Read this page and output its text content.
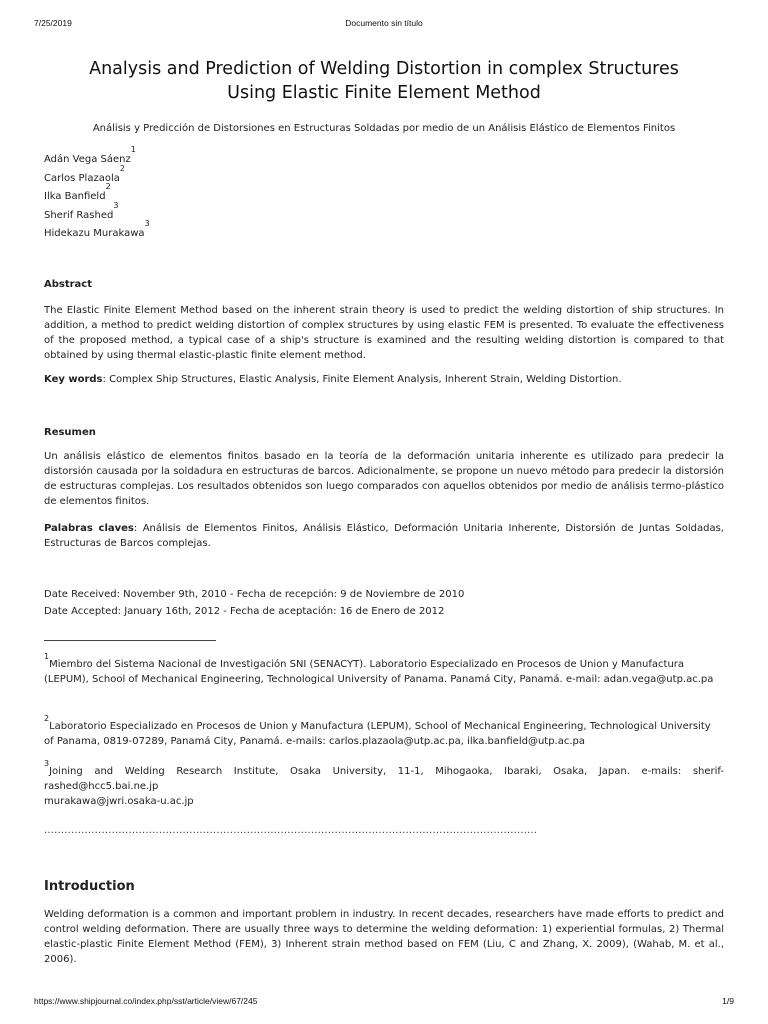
7/25/2019	Documento sin título
Analysis and Prediction of Welding Distortion in complex Structures
Using Elastic Finite Element Method
Análisis y Predicción de Distorsiones en Estructuras Soldadas por medio de un Análisis Elástico de Elementos Finitos
Adán Vega Sáenz$^1$
Carlos Plazaola$^2$
Ilka Banfield$^2$
Sherif Rashed$^3$
Hidekazu Murakawa$^3$
Abstract
The Elastic Finite Element Method based on the inherent strain theory is used to predict the welding distortion of ship structures. In addition, a method to predict welding distortion of complex structures by using elastic FEM is presented. To evaluate the effectiveness of the proposed method, a typical case of a ship's structure is examined and the resulting welding distortion is compared to that obtained by using thermal elastic-plastic finite element method.
Key words: Complex Ship Structures, Elastic Analysis, Finite Element Analysis, Inherent Strain, Welding Distortion.
Resumen
Un análisis elástico de elementos finitos basado en la teoría de la deformación unitaria inherente es utilizado para predecir la distorsión causada por la soldadura en estructuras de barcos. Adicionalmente, se propone un nuevo método para predecir la distorsión de estructuras complejas. Los resultados obtenidos son luego comparados con aquellos obtenidos por medio de análisis termo-plástico de elementos finitos.
Palabras claves: Análisis de Elementos Finitos, Análisis Elástico, Deformación Unitaria Inherente, Distorsión de Juntas Soldadas, Estructuras de Barcos complejas.
Date Received: November 9th, 2010 - Fecha de recepción: 9 de Noviembre de 2010
Date Accepted: January 16th, 2012 - Fecha de aceptación: 16 de Enero de 2012
$^1$Miembro del Sistema Nacional de Investigación SNI (SENACYT). Laboratorio Especializado en Procesos de Union y Manufactura
(LEPUM), School of Mechanical Engineering, Technological University of Panama. Panamá City, Panamá. e-mail: adan.vega@utp.ac.pa
$^2$Laboratorio Especializado en Procesos de Union y Manufactura (LEPUM), School of Mechanical Engineering, Technological University
of Panama, 0819-07289, Panamá City, Panamá. e-mails: carlos.plazaola@utp.ac.pa, ilka.banfield@utp.ac.pa
$^3$Joining and Welding Research Institute, Osaka University, 11-1, Mihogaoka, Ibaraki, Osaka, Japan. e-mails: sherif-rashed@hcc5.bai.ne.jp
murakawa@jwri.osaka-u.ac.jp
..................................................................................................................................................
Introduction
Welding deformation is a common and important problem in industry. In recent decades, researchers have made efforts to predict and control welding deformation. There are usually three ways to determine the welding deformation: 1) experiential formulas, 2) Thermal elastic-plastic Finite Element Method (FEM), 3) Inherent strain method based on FEM (Liu, C and Zhang, X. 2009), (Wahab, M. et al., 2006).
https://www.shipjournal.co/index.php/sst/article/view/67/245	1/9
